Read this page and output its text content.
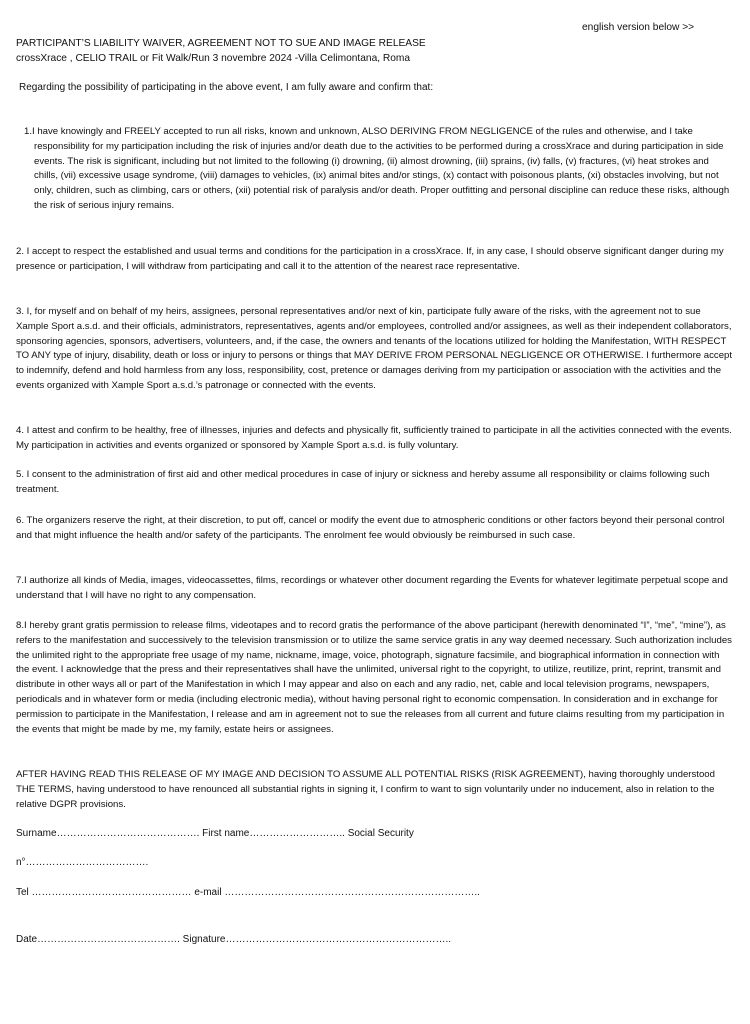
english version below >>
PARTICIPANT’S LIABILITY WAIVER, AGREEMENT NOT TO SUE AND IMAGE RELEASE
crossXrace , CELIO TRAIL or Fit Walk/Run 3 novembre 2024 -Villa Celimontana, Roma
Regarding the possibility of participating in the above event, I am fully aware and confirm that:

1.I have knowingly and FREELY accepted to run all risks, known and unknown, ALSO DERIVING FROM NEGLIGENCE of the rules and otherwise, and I take responsibility for my participation including the risk of injuries and/or death due to the activities to be performed during a crossXrace and during participation in side events. The risk is significant, including but not limited to the following (i) drowning, (ii) almost drowning, (iii) sprains, (iv) falls, (v) fractures, (vi) heat strokes and chills, (vii) excessive usage syndrome, (viii) damages to vehicles, (ix) animal bites and/or stings, (x) contact with poisonous plants, (xi) obstacles involving, but not only, children, such as climbing, cars or others, (xii) potential risk of paralysis and/or death. Proper outfitting and personal discipline can reduce these risks, although the risk of serious injury remains.

2. I accept to respect the established and usual terms and conditions for the participation in a crossXrace. If, in any case, I should observe significant danger during my presence or participation, I will withdraw from participating and call it to the attention of the nearest race representative.

3. I, for myself and on behalf of my heirs, assignees, personal representatives and/or next of kin, participate fully aware of the risks, with the agreement not to sue Xample Sport a.s.d. and their officials, administrators, representatives, agents and/or employees, controlled and/or assignees, as well as their independent collaborators, sponsoring agencies, sponsors, advertisers, volunteers, and, if the case, the owners and tenants of the locations utilized for holding the Manifestation, WITH RESPECT TO ANY type of injury, disability, death or loss or injury to persons or things that MAY DERIVE FROM PERSONAL NEGLIGENCE OR OTHERWISE. I furthermore accept to indemnify, defend and hold harmless from any loss, responsibility, cost, pretence or damages deriving from my participation or association with the activities and the events organized with Xample Sport a.s.d.’s patronage or connected with the events.

4. I attest and confirm to be healthy, free of illnesses, injuries and defects and physically fit, sufficiently trained to participate in all the activities connected with the events. My participation in activities and events organized or sponsored by Xample Sport a.s.d. is fully voluntary.

5. I consent to the administration of first aid and other medical procedures in case of injury or sickness and hereby assume all responsibility or claims following such treatment.

6. The organizers reserve the right, at their discretion, to put off, cancel or modify the event due to atmospheric conditions or other factors beyond their personal control and that might influence the health and/or safety of the participants. The enrolment fee would obviously be reimbursed in such case.

7.I authorize all kinds of Media, images, videocassettes, films, recordings or whatever other document regarding the Events for whatever legitimate perpetual scope and understand that I will have no right to any compensation.

8.I hereby grant gratis permission to release films, videotapes and to record gratis the performance of the above participant (herewith denominated “I”, “me”, “mine”), as refers to the manifestation and successively to the television transmission or to utilize the same service gratis in any way deemed necessary. Such authorization includes the unlimited right to the appropriate free usage of my name, nickname, image, voice, photograph, signature facsimile, and biographical information in connection with the event. I acknowledge that the press and their representatives shall have the unlimited, universal right to the copyright, to utilize, reutilize, print, reprint, transmit and distribute in other ways all or part of the Manifestation in which I may appear and also on each and any radio, net, cable and local television programs, newspapers, periodicals and in whatever form or media (including electronic media), without having personal right to economic compensation. In consideration and in exchange for permission to participate in the Manifestation, I release and am in agreement not to sue the releases from all current and future claims resulting from my participation in the events that might be made by me, my family, estate heirs or assignees.

AFTER HAVING READ THIS RELEASE OF MY IMAGE AND DECISION TO ASSUME ALL POTENTIAL RISKS (RISK AGREEMENT), having thoroughly understood THE TERMS, having understood to have renounced all substantial rights in signing it, I confirm to want to sign voluntarily under no inducement, also in relation to the relative DGPR provisions.

Surname……………………………………. First name……………………….. Social Security
n°……………………………….
Tel ………………………………………… e-mail …………………………………………………………………..
Date……………………………………. Signature…………………………………………………………..
